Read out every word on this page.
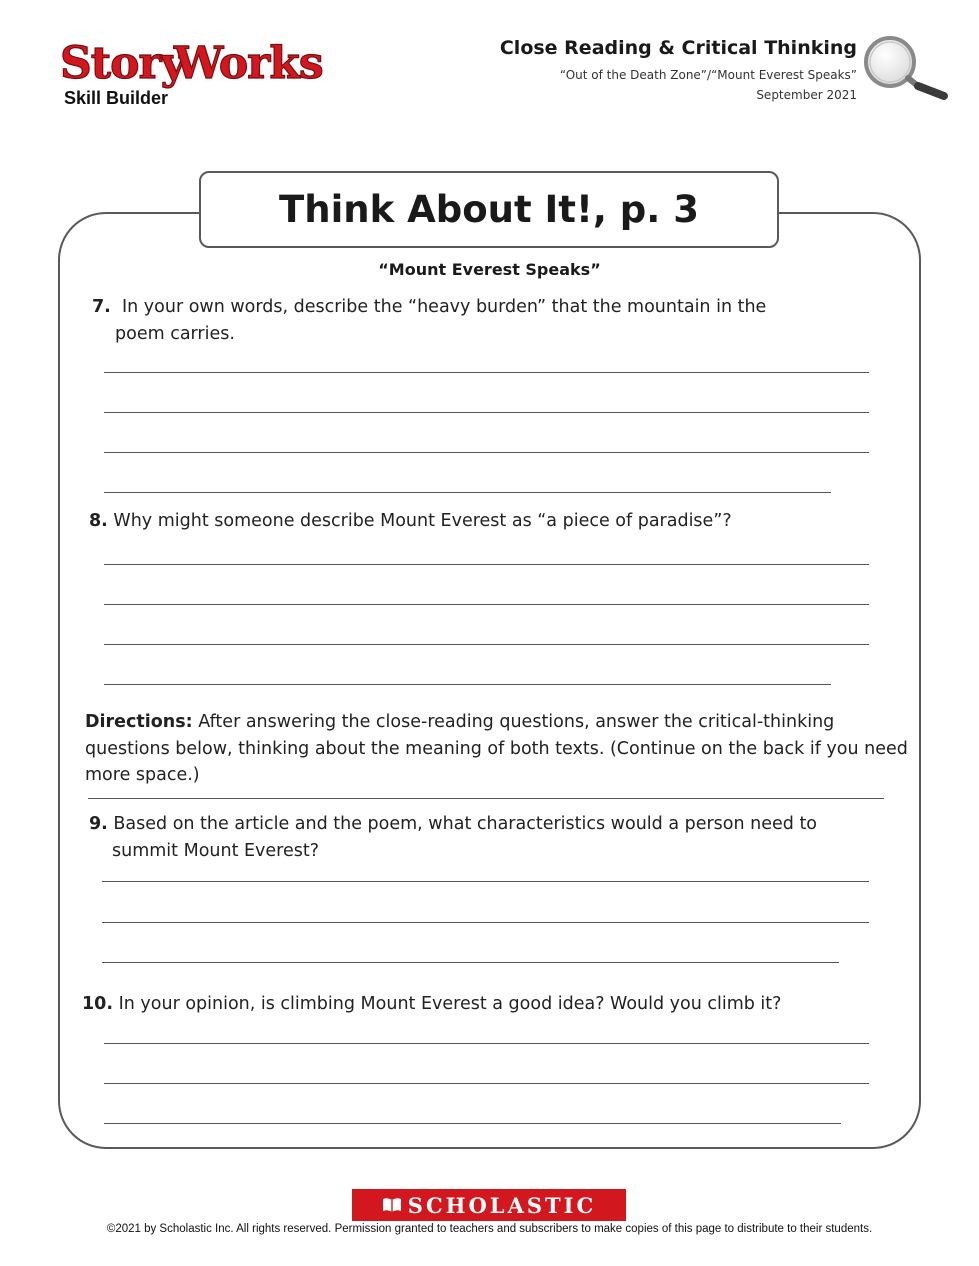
Story
Works
Skill Builder
Close Reading & Critical Thinking
“Out of the Death Zone”/“Mount Everest Speaks”
September 2021
Think About It!, p. 3
“Mount Everest Speaks”
7. In your own words, describe the “heavy burden” that the mountain in the
poem carries.
8. Why might someone describe Mount Everest as “a piece of paradise”?
Directions: After answering the close-reading questions, answer the critical-thinking questions below, thinking about the meaning of both texts. (Continue on the back if you need more space.)
9. Based on the article and the poem, what characteristics would a person need to
summit Mount Everest?
10. In your opinion, is climbing Mount Everest a good idea? Would you climb it?
SCHOLASTIC
©2021 by Scholastic Inc. All rights reserved. Permission granted to teachers and subscribers to make copies of this page to distribute to their students.
